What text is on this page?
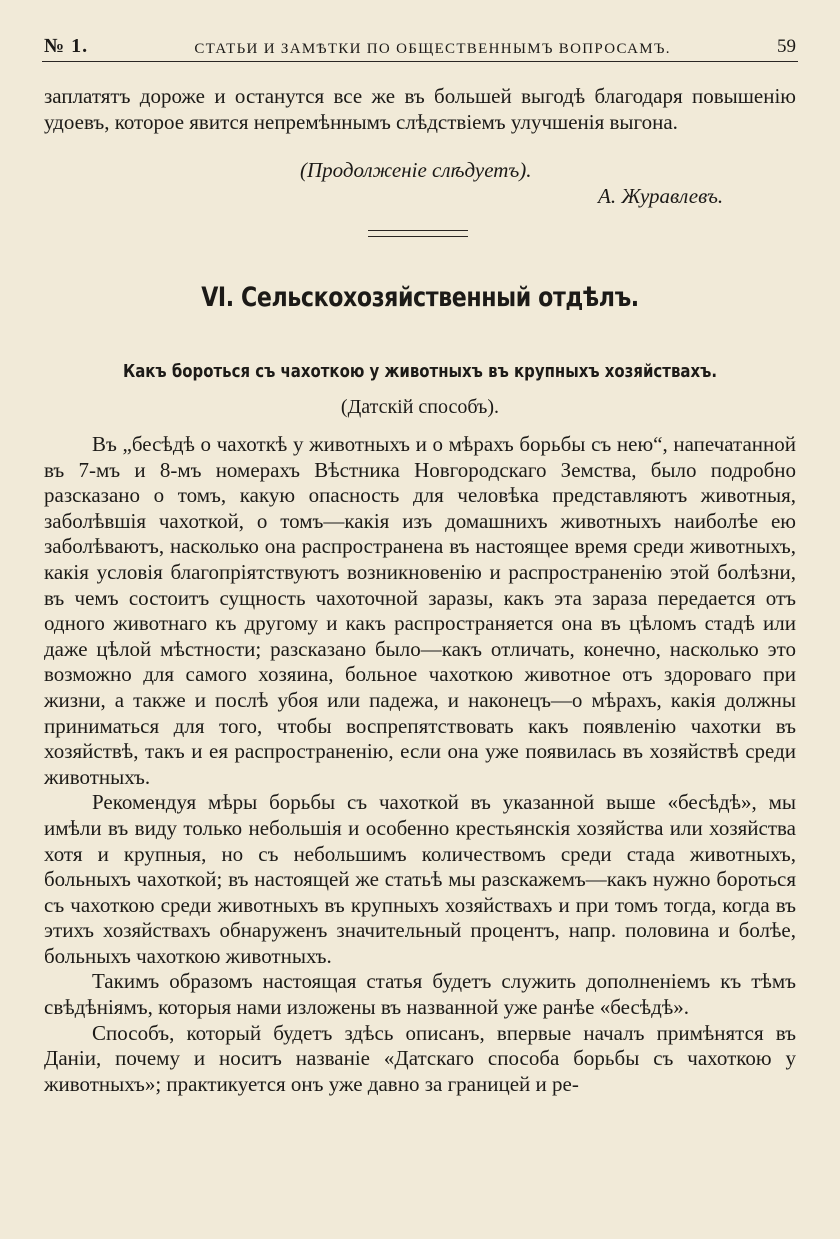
№ 1.	СТАТЬИ И ЗАМѢТКИ ПО ОБЩЕСТВЕННЫМЪ ВОПРОСАМЪ.	59

заплатятъ дороже и останутся все же въ большей выгодѣ благодаря повышенію удоевъ, которое явится непремѣннымъ слѣдствіемъ улучшенія выгона.

(Продолженіе слѣдуетъ).
А. Журавлевъ.
VI. Сельскохозяйственный отдѣлъ.
Какъ бороться съ чахоткою у животныхъ въ крупныхъ хозяйствахъ.
(Датскій способъ).

Въ „бесѣдѣ о чахоткѣ у животныхъ и о мѣрахъ борьбы съ нею“, напечатанной въ 7-мъ и 8-мъ номерахъ Вѣстника Новгородскаго Земства, было подробно разсказано о томъ, какую опасность для человѣка представляютъ животныя, заболѣвшія чахоткой, о томъ—какія изъ домашнихъ животныхъ наиболѣе ею заболѣваютъ, насколько она распространена въ настоящее время среди животныхъ, какія условія благопріятствуютъ возникновенію и распространенію этой болѣзни, въ чемъ состоитъ сущность чахоточной заразы, какъ эта зараза передается отъ одного животнаго къ другому и какъ распространяется она въ цѣломъ стадѣ или даже цѣлой мѣстности; разсказано было—какъ отличать, конечно, насколько это возможно для самого хозяина, больное чахоткою животное отъ здороваго при жизни, а также и послѣ убоя или падежа, и наконецъ—о мѣрахъ, какія должны приниматься для того, чтобы воспрепятствовать какъ появленію чахотки въ хозяйствѣ, такъ и ея распространенію, если она уже появилась въ хозяйствѣ среди животныхъ.

Рекомендуя мѣры борьбы съ чахоткой въ указанной выше «бесѣдѣ», мы имѣли въ виду только небольшія и особенно крестьянскія хозяйства или хозяйства хотя и крупныя, но съ небольшимъ количествомъ среди стада животныхъ, больныхъ чахоткой; въ настоящей же статьѣ мы разскажемъ—какъ нужно бороться съ чахоткою среди животныхъ въ крупныхъ хозяйствахъ и при томъ тогда, когда въ этихъ хозяйствахъ обнаруженъ значительный процентъ, напр. половина и болѣе, больныхъ чахоткою животныхъ.

Такимъ образомъ настоящая статья будетъ служить дополненіемъ къ тѣмъ свѣдѣніямъ, которыя нами изложены въ названной уже ранѣе «бесѣдѣ».

Способъ, который будетъ здѣсь описанъ, впервые началъ примѣнятся въ Даніи, почему и носитъ названіе «Датскаго способа борьбы съ чахоткою у животныхъ»; практикуется онъ уже давно за границей и ре-
